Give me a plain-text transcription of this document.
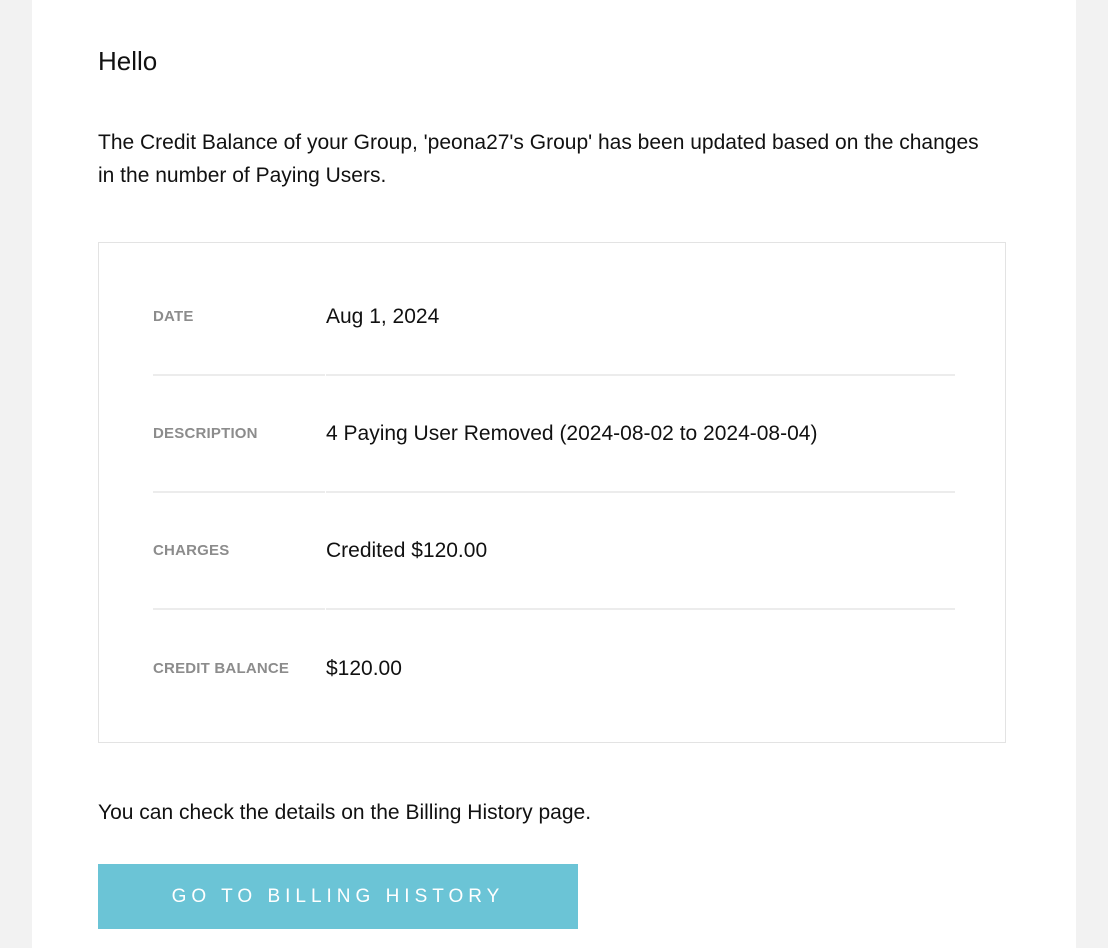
Hello

The Credit Balance of your Group, 'peona27's Group' has been updated based on the changes in the number of Paying Users.

DATE	Aug 1, 2024
DESCRIPTION	4 Paying User Removed (2024-08-02 to 2024-08-04)
CHARGES	Credited $120.00
CREDIT BALANCE	$120.00

You can check the details on the Billing History page.

GO TO BILLING HISTORY
